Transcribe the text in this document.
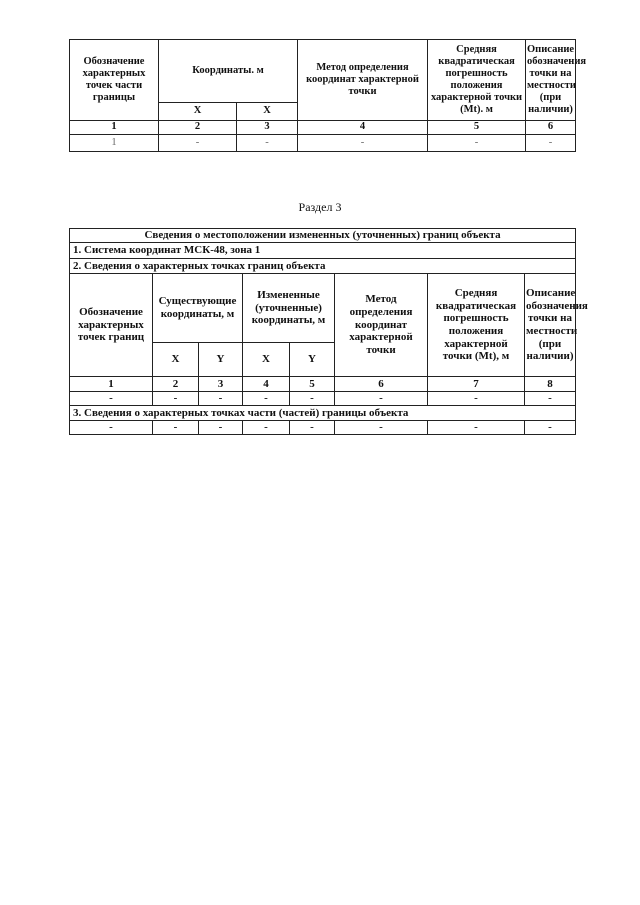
Обозначение характерных точек части границы	Координаты. м		Метод определения координат характерной точки	Средняя квадратическая погрешность положения характерной точки (Mt). м	Описание обозначения точки на местности (при наличии)
	X	X			
1	2	3	4	5	6
1	-	-	-	-	-
Раздел 3
Сведения о местоположении измененных (уточненных) границ объекта							
1. Система координат МСК-48, зона 1							
2. Сведения о характерных точках границ объекта							
Обозначение характерных точек границ	Существующие координаты, м		Измененные (уточненные) координаты, м		Метод определения координат характерной точки	Средняя квадратическая погрешность положения характерной точки (Mt), м	Описание обозначения точки на местности (при наличии)
	X	Y	X	Y			
1	2	3	4	5	6	7	8
-	-	-	-	-	-	-	-
3. Сведения о характерных точках части (частей) границы объекта							
-	-	-	-	-	-	-	-
